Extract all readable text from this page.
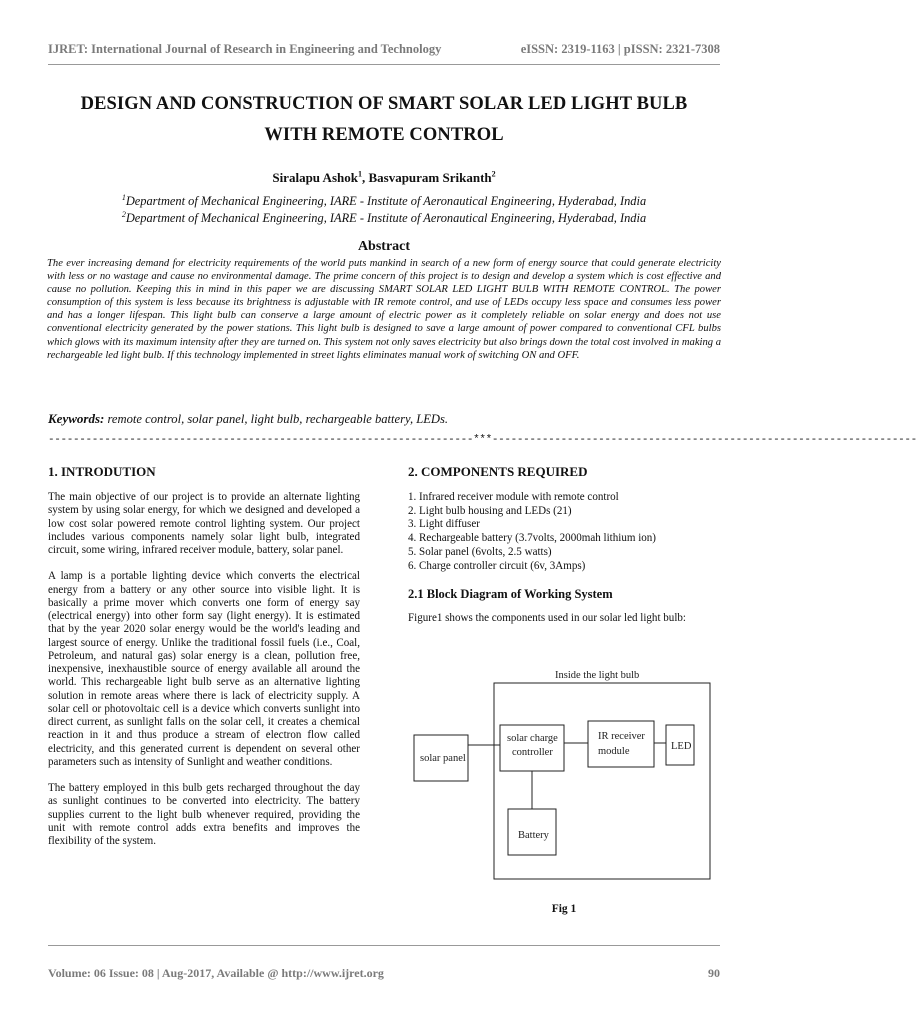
IJRET: International Journal of Research in Engineering and Technology	eISSN: 2319-1163 | pISSN: 2321-7308
DESIGN AND CONSTRUCTION OF SMART SOLAR LED LIGHT BULB
WITH REMOTE CONTROL
Siralapu Ashok$^1$, Basvapuram Srikanth$^2$
$^1$Department of Mechanical Engineering, IARE - Institute of Aeronautical Engineering, Hyderabad, India
$^2$Department of Mechanical Engineering, IARE - Institute of Aeronautical Engineering, Hyderabad, India
Abstract
The ever increasing demand for electricity requirements of the world puts mankind in search of a new form of energy source that could generate electricity with less or no wastage and cause no environmental damage. The prime concern of this project is to design and develop a system which is cost effective and cause no pollution. Keeping this in mind in this paper we are discussing SMART SOLAR LED LIGHT BULB WITH REMOTE CONTROL. The power consumption of this system is less because its brightness is adjustable with IR remote control, and use of LEDs occupy less space and consumes less power and has a longer lifespan. This light bulb can conserve a large amount of electric power as it completely reliable on solar energy and does not use conventional electricity generated by the power stations. This light bulb is designed to save a large amount of power compared to conventional CFL bulbs which glows with its maximum intensity after they are turned on. This system not only saves electricity but also brings down the total cost involved in making a rechargeable led light bulb. If this technology implemented in street lights eliminates manual work of switching ON and OFF.
Keywords: remote control, solar panel, light bulb, rechargeable battery, LEDs.
--------------------------------------------------------------------***--------------------------------------------------------------------
1. INTRODUTION

The main objective of our project is to provide an alternate lighting system by using solar energy, for which we designed and developed a low cost solar powered remote control lighting system. Our project includes various components namely solar light bulb, integrated circuit, some wiring, infrared receiver module, battery, solar panel.

A lamp is a portable lighting device which converts the electrical energy from a battery or any other source into visible light. It is basically a prime mover which converts one form of energy say (electrical energy) into other form say (light energy). It is estimated that by the year 2020 solar energy would be the world's leading and largest source of energy. Unlike the traditional fossil fuels (i.e., Coal, Petroleum, and natural gas) solar energy is a clean, pollution free, inexpensive, inexhaustible source of energy available all around the world. This rechargeable light bulb serve as an alternative lighting solution in remote areas where there is lack of electricity supply. A solar cell or photovoltaic cell is a device which converts sunlight into direct current, as sunlight falls on the solar cell, it creates a chemical reaction in it and thus produce a stream of electron flow called electricity, and this generated current is dependent on several other parameters such as intensity of Sunlight and weather conditions.

The battery employed in this bulb gets recharged throughout the day as sunlight continues to be converted into electricity. The battery supplies current to the light bulb whenever required, providing the unit with remote control adds extra benefits and improves the flexibility of the system.

2. COMPONENTS REQUIRED
1. Infrared receiver module with remote control
2. Light bulb housing and LEDs (21)
3. Light diffuser
4. Rechargeable battery (3.7volts, 2000mah lithium ion)
5. Solar panel (6volts, 2.5 watts)
6. Charge controller circuit (6v, 3Amps)
2.1 Block Diagram of Working System

Figure1 shows the components used in our solar led light bulb:

Inside the light bulb
solar panel
solar charge
controller
IR receiver
module	LED
Battery
Fig 1
Volume: 06 Issue: 08 | Aug-2017, Available @ http://www.ijret.org	90
